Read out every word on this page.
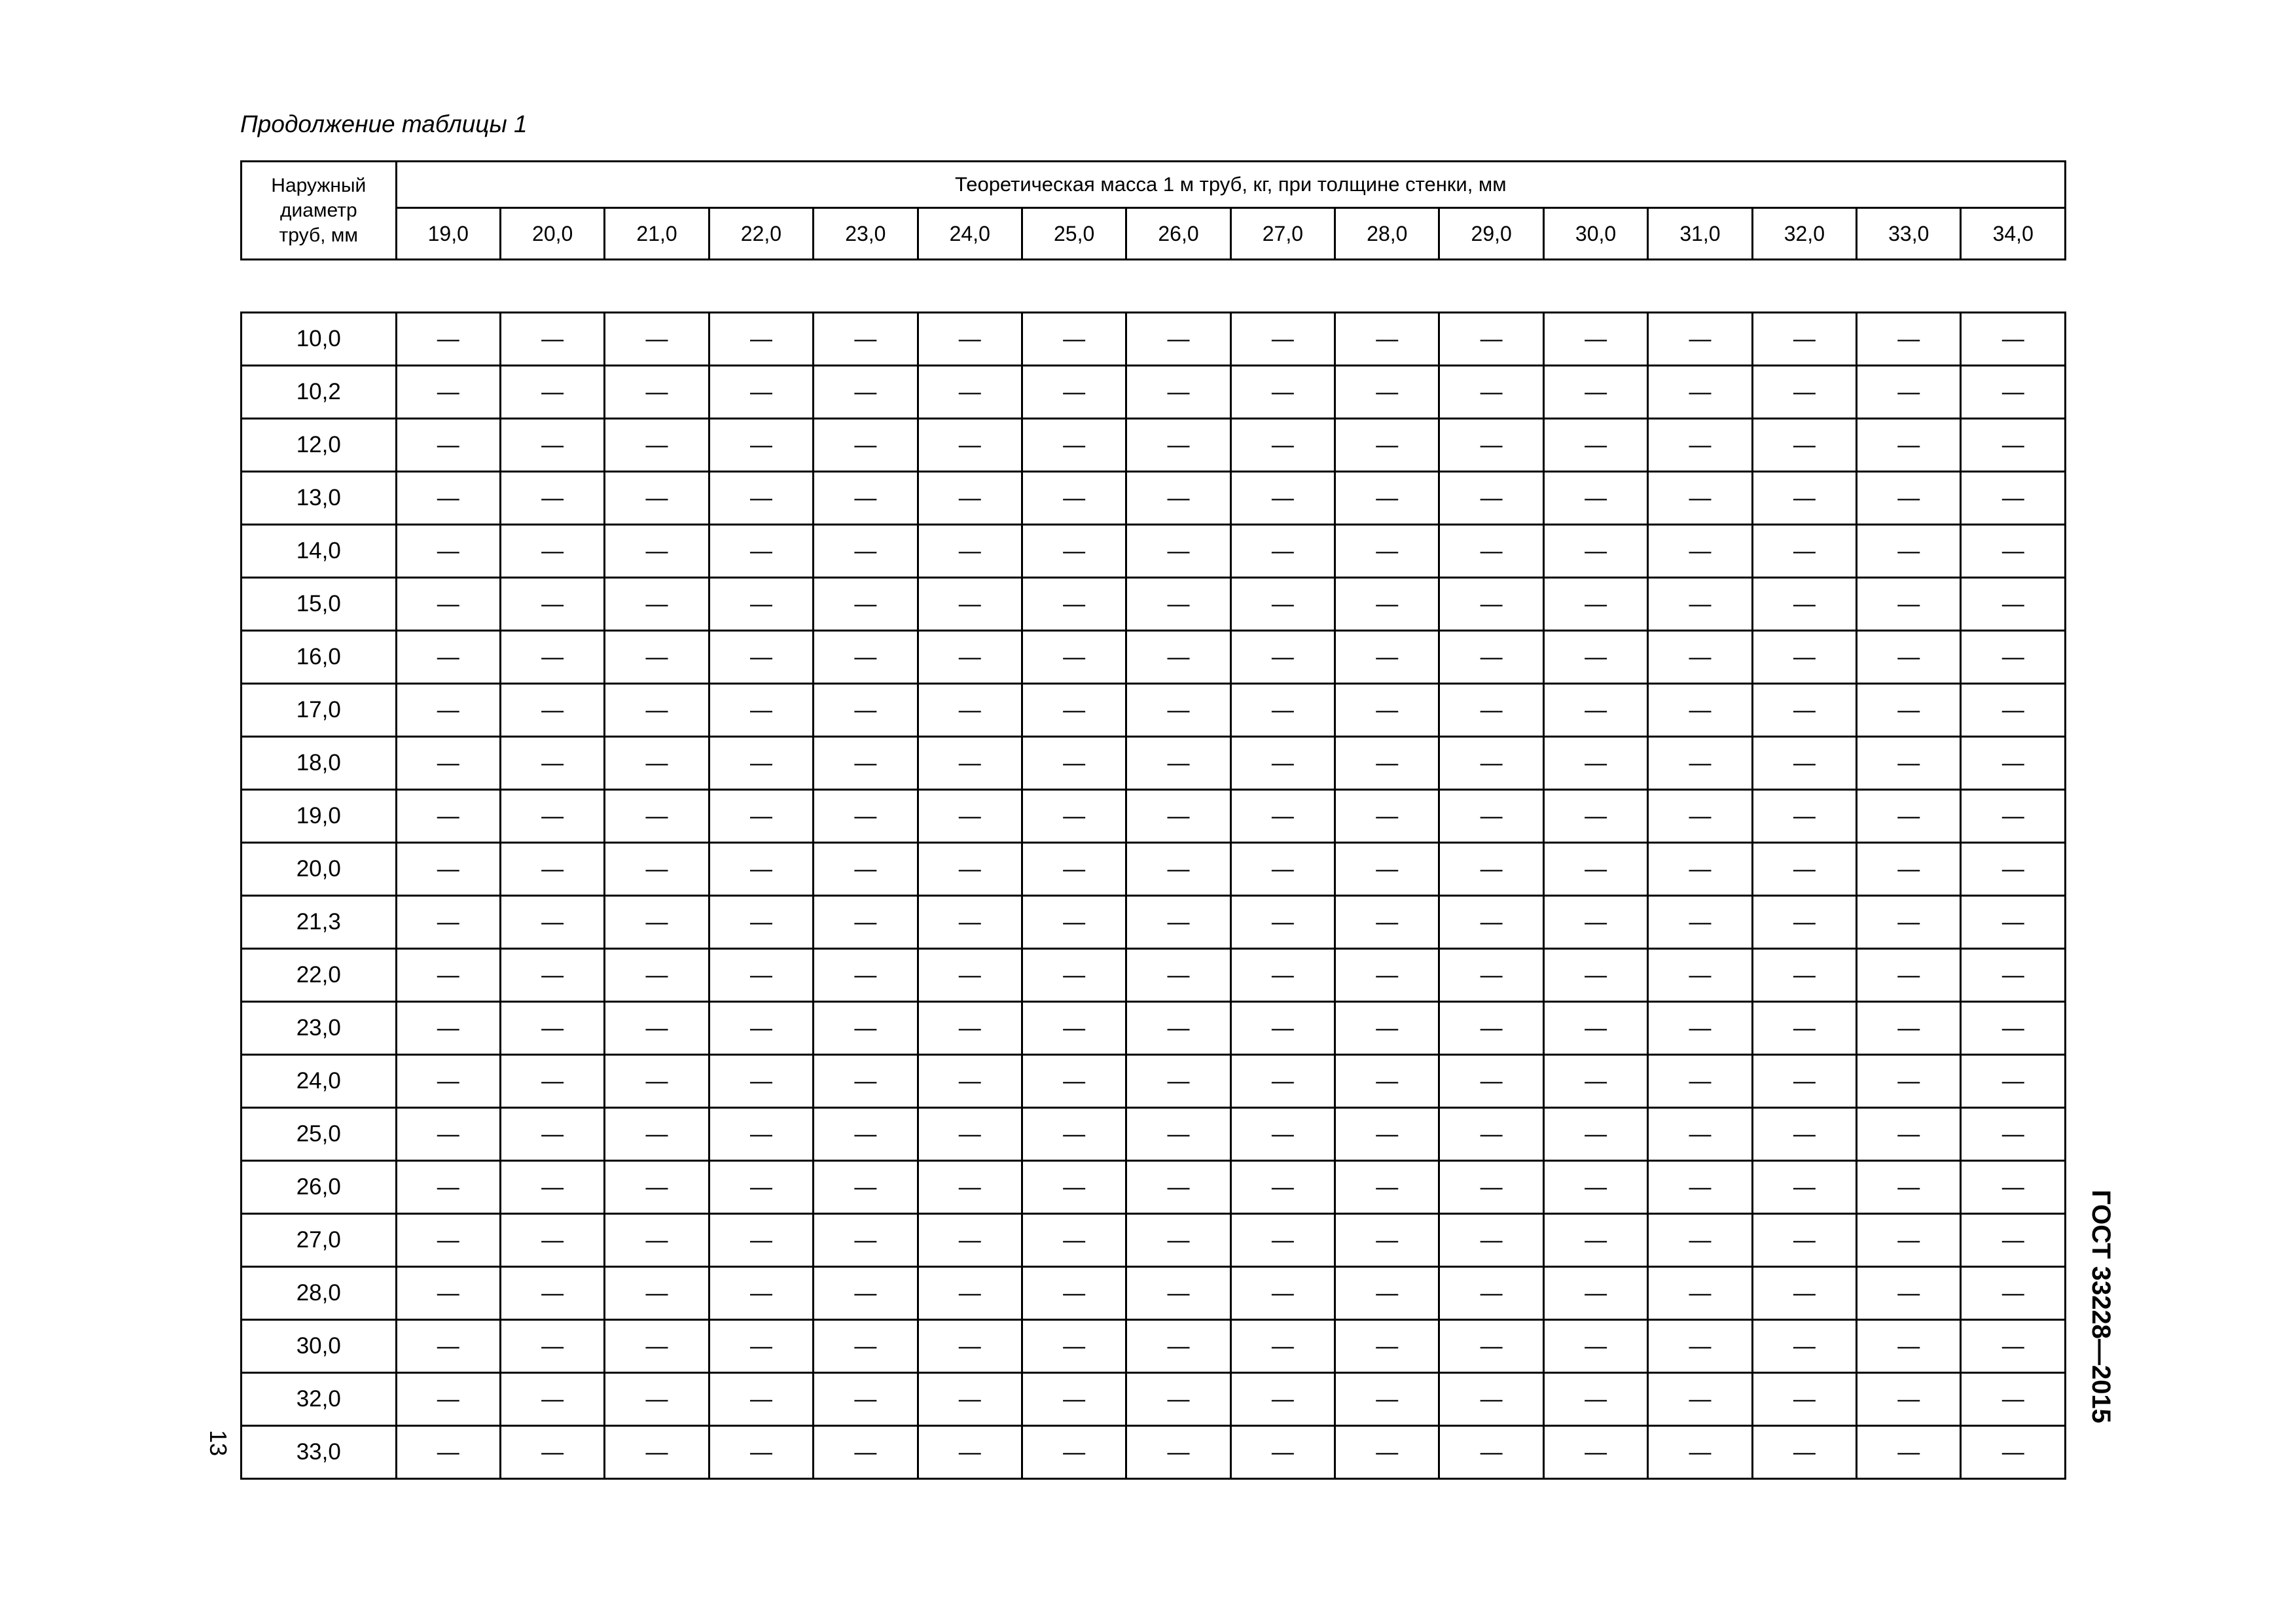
Продолжение таблицы 1
Наружный
диаметр
труб, мм	Теоретическая масса 1 м труб, кг, при толщине стенки, мм															
	19,0	20,0	21,0	22,0	23,0	24,0	25,0	26,0	27,0	28,0	29,0	30,0	31,0	32,0	33,0	34,0

10,0	—	—	—	—	—	—	—	—	—	—	—	—	—	—	—	—
10,2	—	—	—	—	—	—	—	—	—	—	—	—	—	—	—	—
12,0	—	—	—	—	—	—	—	—	—	—	—	—	—	—	—	—
13,0	—	—	—	—	—	—	—	—	—	—	—	—	—	—	—	—
14,0	—	—	—	—	—	—	—	—	—	—	—	—	—	—	—	—
15,0	—	—	—	—	—	—	—	—	—	—	—	—	—	—	—	—
16,0	—	—	—	—	—	—	—	—	—	—	—	—	—	—	—	—
17,0	—	—	—	—	—	—	—	—	—	—	—	—	—	—	—	—
18,0	—	—	—	—	—	—	—	—	—	—	—	—	—	—	—	—
19,0	—	—	—	—	—	—	—	—	—	—	—	—	—	—	—	—
20,0	—	—	—	—	—	—	—	—	—	—	—	—	—	—	—	—
21,3	—	—	—	—	—	—	—	—	—	—	—	—	—	—	—	—
22,0	—	—	—	—	—	—	—	—	—	—	—	—	—	—	—	—
23,0	—	—	—	—	—	—	—	—	—	—	—	—	—	—	—	—
24,0	—	—	—	—	—	—	—	—	—	—	—	—	—	—	—	—
25,0	—	—	—	—	—	—	—	—	—	—	—	—	—	—	—	—
26,0	—	—	—	—	—	—	—	—	—	—	—	—	—	—	—	—
27,0	—	—	—	—	—	—	—	—	—	—	—	—	—	—	—	—
28,0	—	—	—	—	—	—	—	—	—	—	—	—	—	—	—	—
30,0	—	—	—	—	—	—	—	—	—	—	—	—	—	—	—	—
32,0	—	—	—	—	—	—	—	—	—	—	—	—	—	—	—	—
33,0	—	—	—	—	—	—	—	—	—	—	—	—	—	—	—	—
ГОСТ 33228—2015
13
